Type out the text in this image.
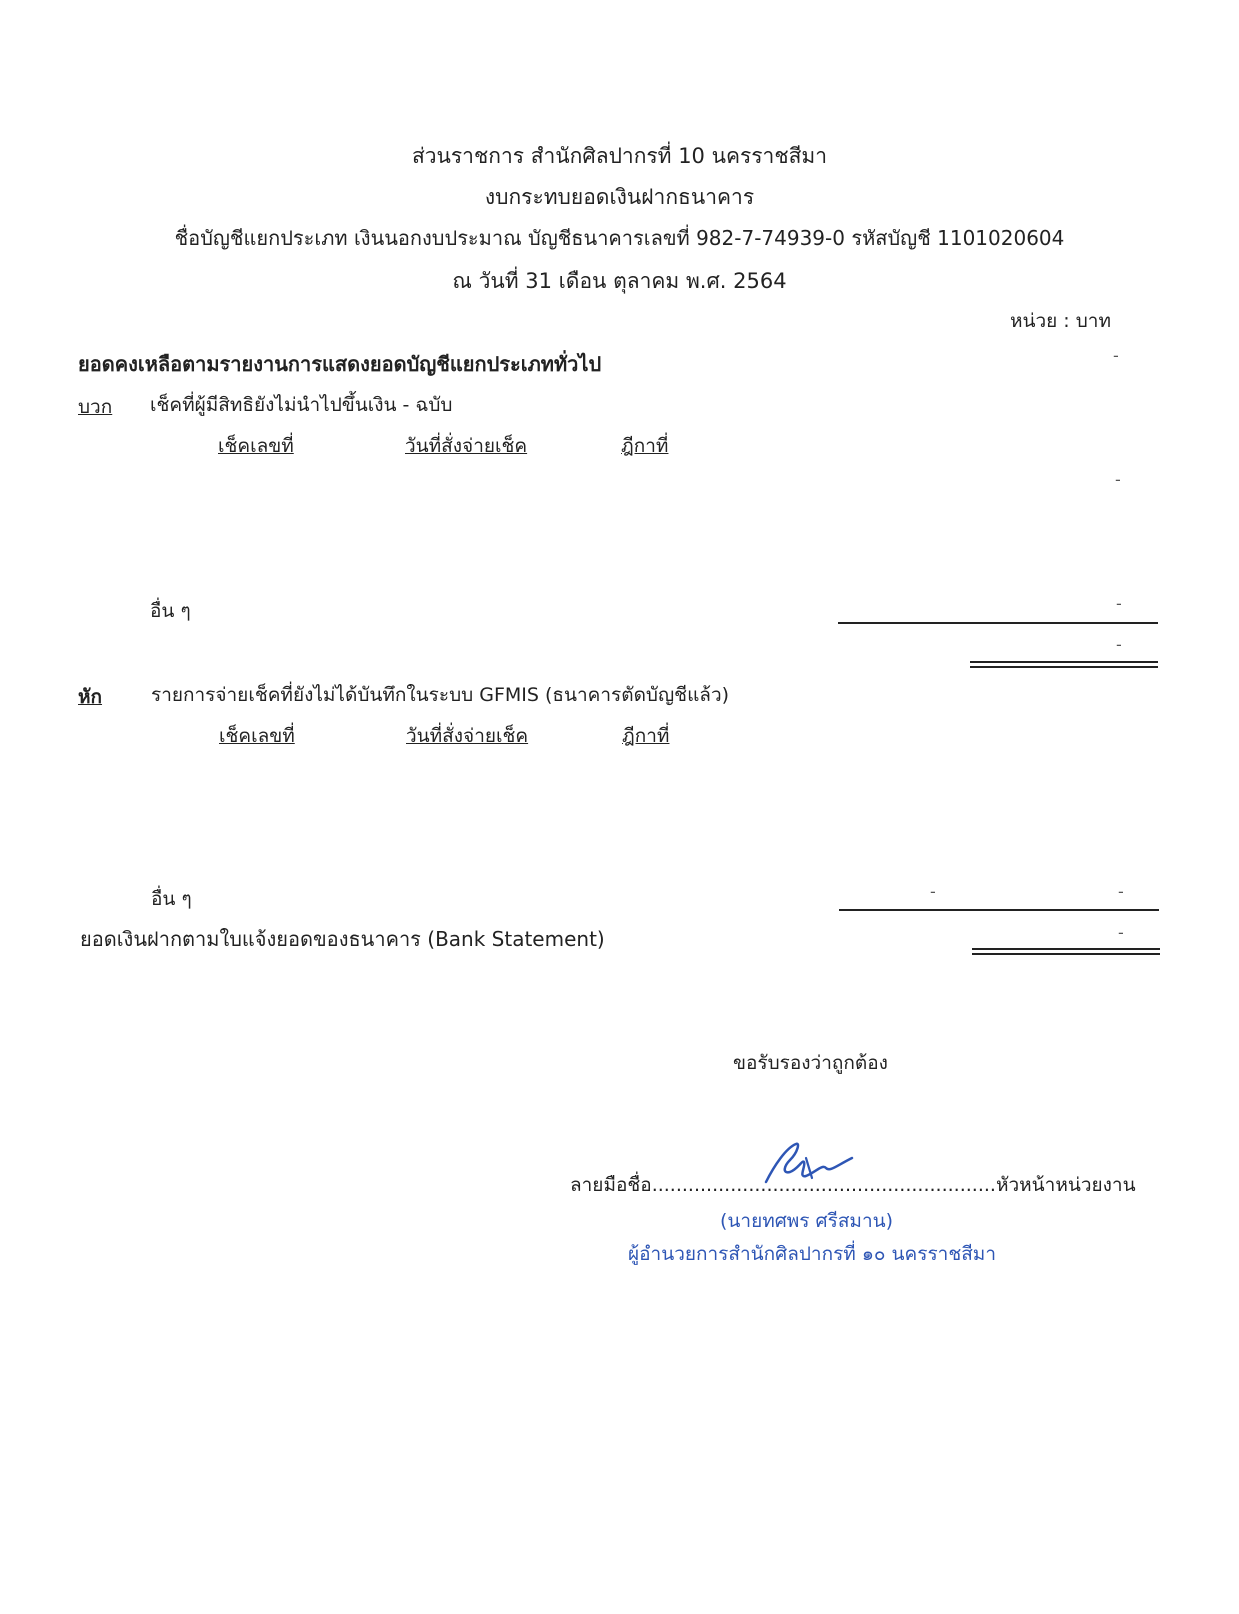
ส่วนราชการ สำนักศิลปากรที่ 10 นครราชสีมา
งบกระทบยอดเงินฝากธนาคาร
ชื่อบัญชีแยกประเภท เงินนอกงบประมาณ บัญชีธนาคารเลขที่ 982-7-74939-0 รหัสบัญชี 1101020604
ณ วันที่ 31 เดือน ตุลาคม พ.ศ. 2564
หน่วย : บาท
ยอดคงเหลือตามรายงานการแสดงยอดบัญชีแยกประเภททั่วไป	-
บวก เช็คที่ผู้มีสิทธิยังไม่นำไปขึ้นเงิน - ฉบับ
เช็คเลขที่	วันที่สั่งจ่ายเช็ค	ฎีกาที่
-
อื่น ๆ	-
-
หัก	รายการจ่ายเช็คที่ยังไม่ได้บันทึกในระบบ GFMIS (ธนาคารตัดบัญชีแล้ว)
เช็คเลขที่	วันที่สั่งจ่ายเช็ค	ฎีกาที่
อื่น ๆ	-	-
ยอดเงินฝากตามใบแจ้งยอดของธนาคาร (Bank Statement)	-
ขอรับรองว่าถูกต้อง
ลายมือชื่อ.........................................................หัวหน้าหน่วยงาน
(นายทศพร ศรีสมาน)
ผู้อำนวยการสำนักศิลปากรที่ ๑๐ นครราชสีมา
